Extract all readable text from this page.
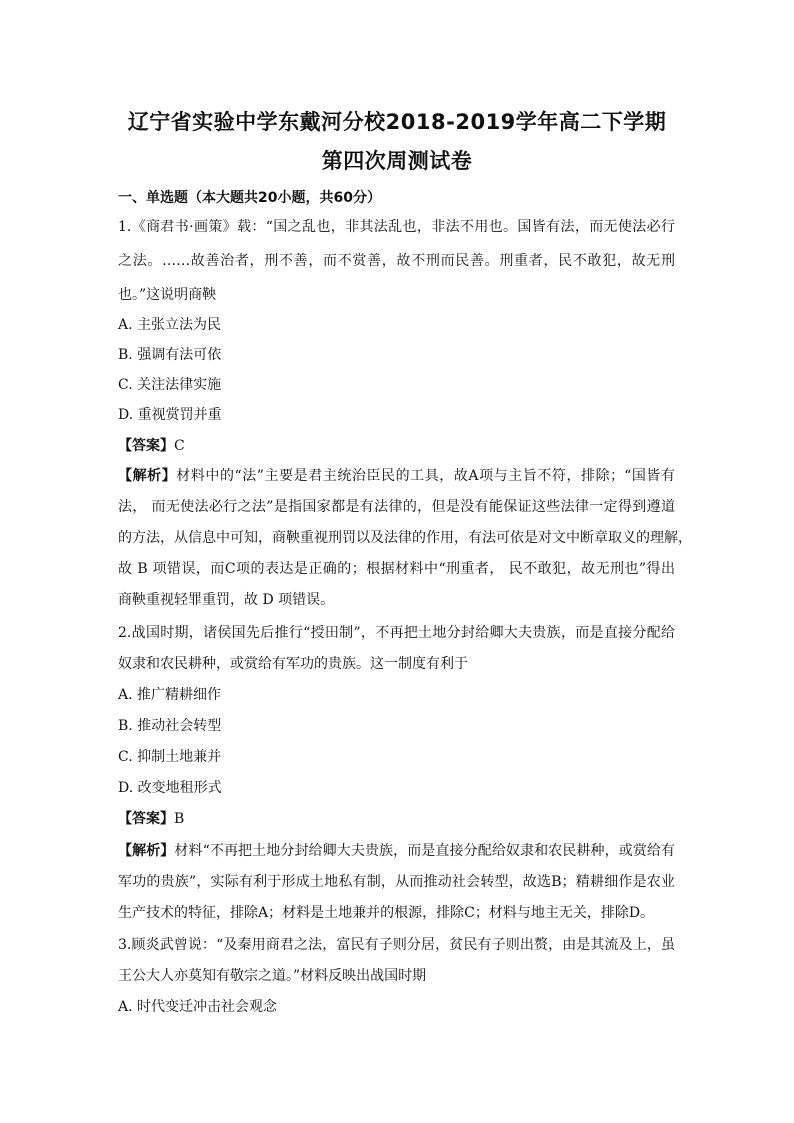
辽宁省实验中学东戴河分校2018-2019学年高二下学期
第四次周测试卷
一、单选题（本大题共20小题，共60分）
1.《商君书·画策》载：“国之乱也，非其法乱也，非法不用也。国皆有法，而无使法必行
之法。……故善治者，刑不善，而不赏善，故不刑而民善。刑重者，民不敢犯，故无刑
也。”这说明商鞅
A. 主张立法为民
B. 强调有法可依
C. 关注法律实施
D. 重视赏罚并重
【答案】C
【解析】材料中的“法”主要是君主统治臣民的工具，故A项与主旨不符，排除；“国皆有
法， 而无使法必行之法”是指国家都是有法律的，但是没有能保证这些法律一定得到遵道
的方法，从信息中可知，商鞅重视刑罚以及法律的作用，有法可依是对文中断章取义的理解，
故 B 项错误，而C项的表达是正确的；根据材料中“刑重者， 民不敢犯，故无刑也”得出
商鞅重视轻罪重罚，故 D 项错误。
2.战国时期，诸侯国先后推行“授田制”，不再把土地分封给卿大夫贵族，而是直接分配给
奴隶和农民耕种，或赏给有军功的贵族。这一制度有利于
A. 推广精耕细作
B. 推动社会转型
C. 抑制土地兼并
D. 改变地租形式
【答案】B
【解析】材料“不再把土地分封给卿大夫贵族，而是直接分配给奴隶和农民耕种，或赏给有
军功的贵族”，实际有利于形成土地私有制，从而推动社会转型，故选B；精耕细作是农业
生产技术的特征，排除A；材料是土地兼并的根源，排除C；材料与地主无关，排除D。
3.顾炎武曾说：“及秦用商君之法，富民有子则分居，贫民有子则出赘，由是其流及上，虽
王公大人亦莫知有敬宗之道。”材料反映出战国时期
A. 时代变迁冲击社会观念
